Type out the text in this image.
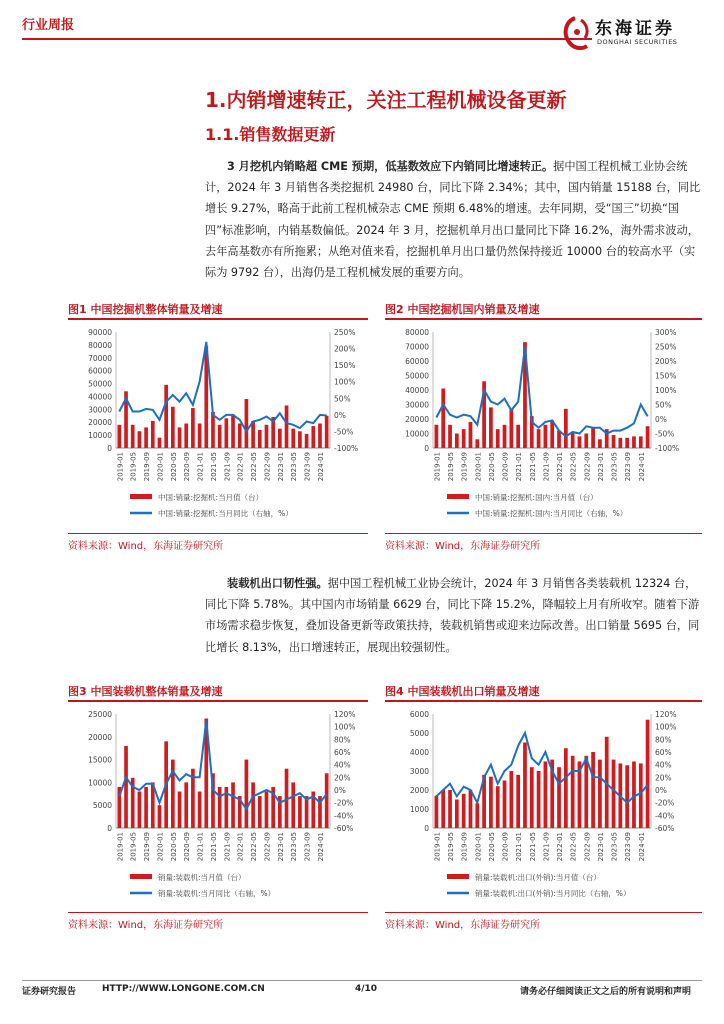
行业周报	东海证券
DONGHAI SECURITIES
1.内销增速转正，关注工程机械设备更新
1.1.销售数据更新
3 月挖机内销略超 CME 预期，低基数效应下内销同比增速转正。据中国工程机械工业协会统计，2024 年 3 月销售各类挖掘机 24980 台，同比下降 2.34%；其中，国内销量 15188 台，同比增长 9.27%，略高于此前工程机械杂志 CME 预期 6.48%的增速。去年同期，受“国三”切换“国四”标准影响，内销基数偏低。2024 年 3 月，挖掘机单月出口量同比下降 16.2%，海外需求波动，去年高基数亦有所拖累；从绝对值来看，挖掘机单月出口量仍然保持接近 10000 台的较高水平（实际为 9792 台），出海仍是工程机械发展的重要方向。
图1 中国挖掘机整体销量及增速
0
10000
20000
30000
40000
50000
60000
70000
80000
90000
-100%
-50%
0%
50%
100%
150%
200%
250%
2019-01 2019-05 2019-09 2020-01 2020-05 2020-09 2021-01 2021-05 2021-09 2022-01 2022-05 2022-09 2023-01 2023-05 2023-09 2024-01
中国:销量:挖掘机:当月值（台）
中国:销量:挖掘机:当月同比（右轴，%）
资料来源：Wind，东海证券研究所
图2 中国挖掘机国内销量及增速
0
10000
20000
30000
40000
50000
60000
70000
80000
-100%
-50%
0%
50%
100%
150%
200%
250%
300%
2019-01 2019-05 2019-09 2020-01 2020-05 2020-09 2021-01 2021-05 2021-09 2022-01 2022-05 2022-09 2023-01 2023-05 2023-09 2024-01
中国:销量:挖掘机:国内:当月值（台）
中国:销量:挖掘机:国内:当月同比（右轴，%）
资料来源：Wind，东海证券研究所
装载机出口韧性强。据中国工程机械工业协会统计，2024 年 3 月销售各类装载机 12324 台，同比下降 5.78%。其中国内市场销量 6629 台，同比下降 15.2%，降幅较上月有所收窄。随着下游市场需求稳步恢复，叠加设备更新等政策扶持，装载机销售或迎来边际改善。出口销量 5695 台，同比增长 8.13%，出口增速转正，展现出较强韧性。
图3 中国装载机整体销量及增速
0
5000
10000
15000
20000
25000
-60%
-40%
-20%
0%
20%
40%
60%
80%
100%
120%
2019-01 2019-05 2019-09 2020-01 2020-05 2020-09 2021-01 2021-05 2021-09 2022-01 2022-05 2022-09 2023-01 2023-05 2023-09 2024-01
销量:装载机:当月值（台）
销量:装载机:当月同比（右轴，%）
资料来源：Wind，东海证券研究所
图4 中国装载机出口销量及增速
0
1000
2000
3000
4000
5000
6000
-60%
-40%
-20%
0%
20%
40%
60%
80%
100%
120%
2019-01 2019-05 2019-09 2020-01 2020-05 2020-09 2021-01 2021-05 2021-09 2022-01 2022-05 2022-09 2023-01 2023-05 2023-09 2024-01
销量:装载机:出口(外销):当月值（台）
销量:装载机:出口(外销):当月同比（右轴，%）
资料来源：Wind，东海证券研究所
证券研究报告	HTTP://WWW.LONGONE.COM.CN	4/10	请务必仔细阅读正文之后的所有说明和声明
